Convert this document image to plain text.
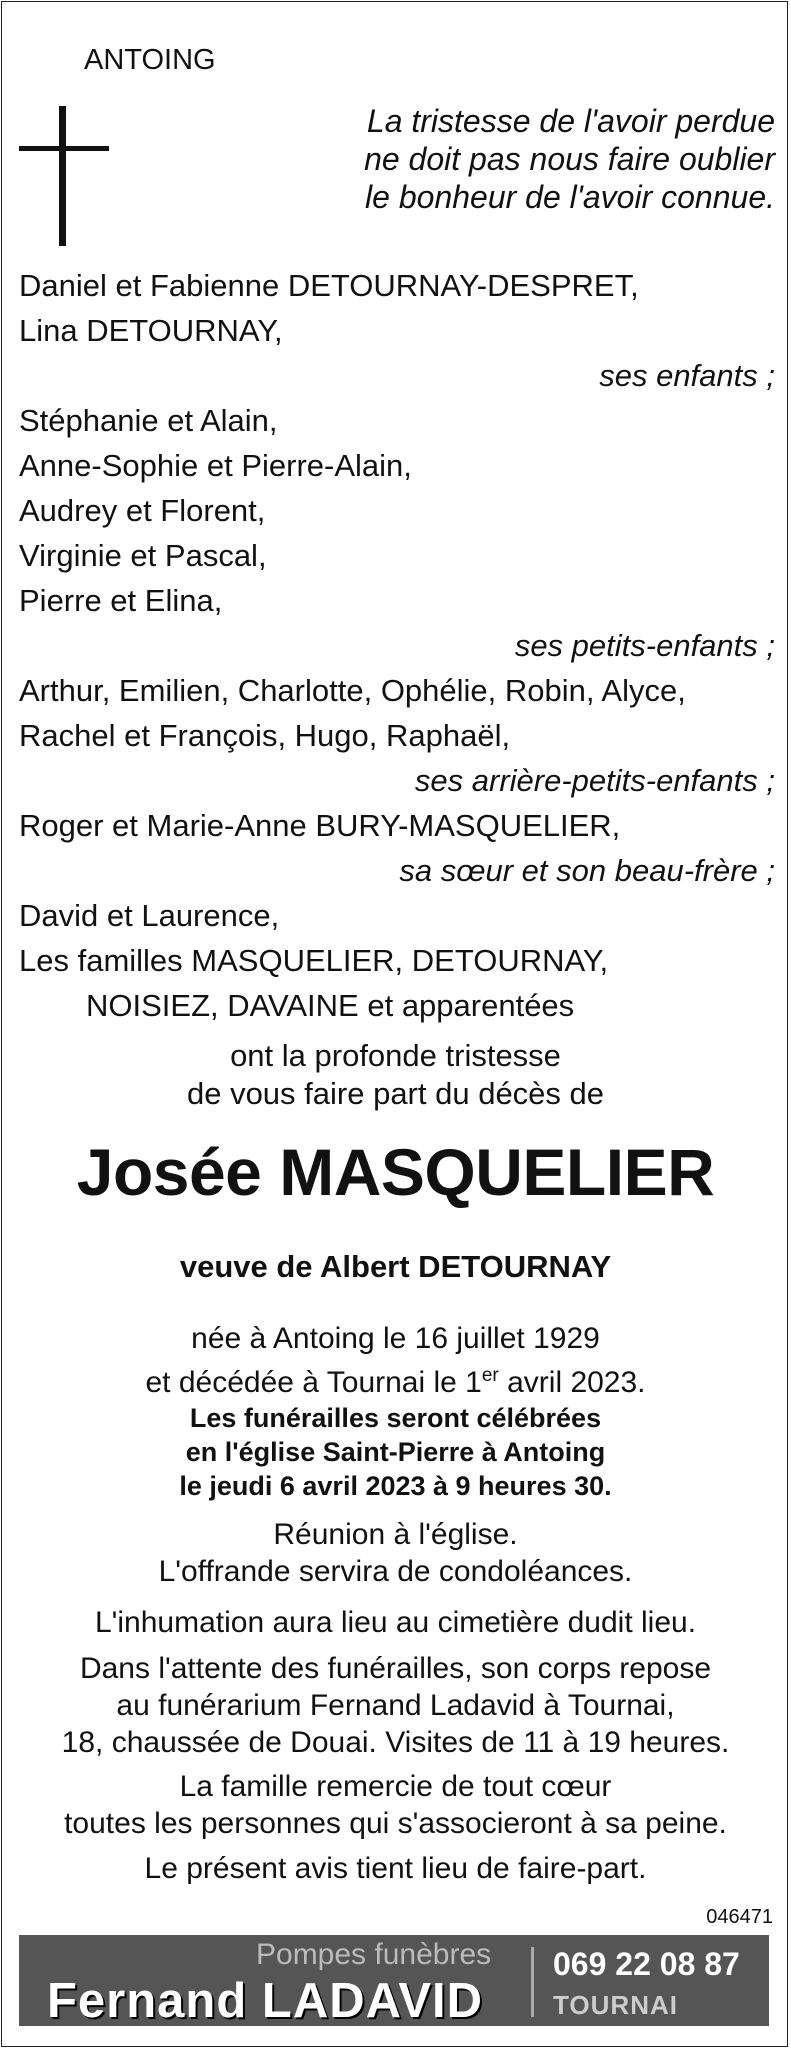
ANTOING
La tristesse de l'avoir perdue
ne doit pas nous faire oublier
le bonheur de l'avoir connue.
Daniel et Fabienne DETOURNAY-DESPRET,
Lina DETOURNAY,
ses enfants ;
Stéphanie et Alain,
Anne-Sophie et Pierre-Alain,
Audrey et Florent,
Virginie et Pascal,
Pierre et Elina,
ses petits-enfants ;
Arthur, Emilien, Charlotte, Ophélie, Robin, Alyce,
Rachel et François, Hugo, Raphaël,
ses arrière-petits-enfants ;
Roger et Marie-Anne BURY-MASQUELIER,
sa sœur et son beau-frère ;
David et Laurence,
Les familles MASQUELIER, DETOURNAY,
NOISIEZ, DAVAINE et apparentées
ont la profonde tristesse
de vous faire part du décès de
Josée MASQUELIER
veuve de Albert DETOURNAY
née à Antoing le 16 juillet 1929
et décédée à Tournai le 1er avril 2023.
Les funérailles seront célébrées
en l'église Saint-Pierre à Antoing
le jeudi 6 avril 2023 à 9 heures 30.
Réunion à l'église.
L'offrande servira de condoléances.
L'inhumation aura lieu au cimetière dudit lieu.
Dans l'attente des funérailles, son corps repose
au funérarium Fernand Ladavid à Tournai,
18, chaussée de Douai. Visites de 11 à 19 heures.
La famille remercie de tout cœur
toutes les personnes qui s'associeront à sa peine.
Le présent avis tient lieu de faire-part.
046471
Pompes funèbres
Fernand LADAVID
069 22 08 87
TOURNAI
